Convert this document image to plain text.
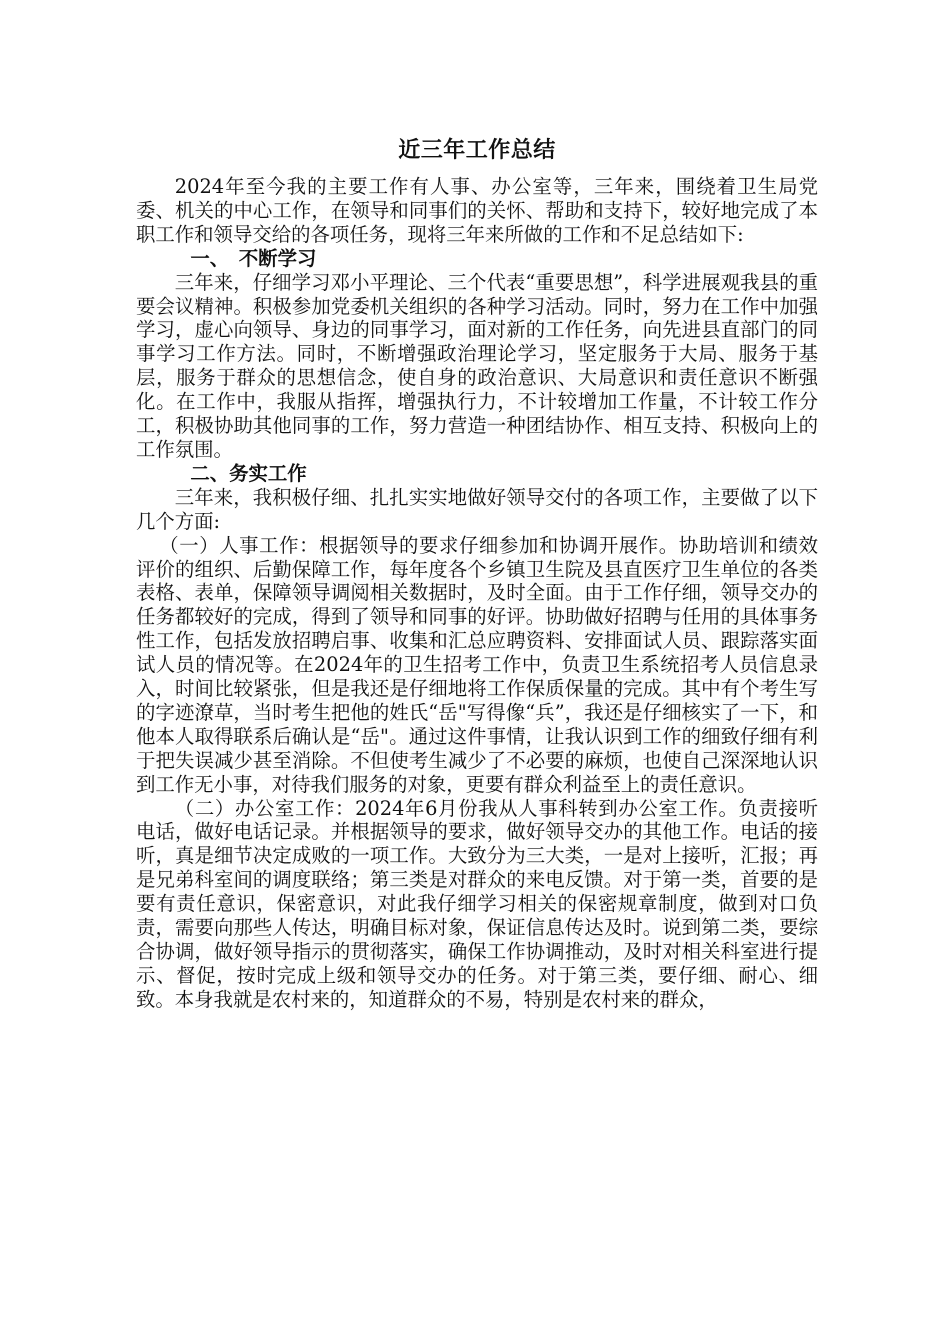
近三年工作总结

2024年至今我的主要工作有人事、办公室等，三年来，围绕着卫生局党委、机关的中心工作，在领导和同事们的关怀、帮助和支持下，较好地完成了本职工作和领导交给的各项任务，现将三年来所做的工作和不足总结如下:

一、　不断学习

三年来，仔细学习邓小平理论、三个代表“重要思想”，科学进展观我县的重要会议精神。积极参加党委机关组织的各种学习活动。同时，努力在工作中加强学习，虚心向领导、身边的同事学习，面对新的工作任务，向先进县直部门的同事学习工作方法。同时，不断增强政治理论学习，坚定服务于大局、服务于基层，服务于群众的思想信念，使自身的政治意识、大局意识和责任意识不断强化。在工作中，我服从指挥，增强执行力，不计较增加工作量，不计较工作分工，积极协助其他同事的工作，努力营造一种团结协作、相互支持、积极向上的工作氛围。

二、务实工作

三年来，我积极仔细、扎扎实实地做好领导交付的各项工作，主要做了以下几个方面:

（一）人事工作：根据领导的要求仔细参加和协调开展作。协助培训和绩效评价的组织、后勤保障工作，每年度各个乡镇卫生院及县直医疗卫生单位的各类表格、表单，保障领导调阅相关数据时，及时全面。由于工作仔细，领导交办的任务都较好的完成，得到了领导和同事的好评。协助做好招聘与任用的具体事务性工作，包括发放招聘启事、收集和汇总应聘资料、安排面试人员、跟踪落实面试人员的情况等。在2024年的卫生招考工作中，负责卫生系统招考人员信息录入，时间比较紧张，但是我还是仔细地将工作保质保量的完成。其中有个考生写的字迹潦草，当时考生把他的姓氏“岳"写得像“兵”，我还是仔细核实了一下，和他本人取得联系后确认是“岳"。通过这件事情，让我认识到工作的细致仔细有利于把失误减少甚至消除。不但使考生减少了不必要的麻烦，也使自己深深地认识到工作无小事，对待我们服务的对象，更要有群众利益至上的责任意识。

（二）办公室工作：2024年6月份我从人事科转到办公室工作。负责接听电话，做好电话记录。并根据领导的要求，做好领导交办的其他工作。电话的接听，真是细节决定成败的一项工作。大致分为三大类，一是对上接听，汇报；再是兄弟科室间的调度联络；第三类是对群众的来电反馈。对于第一类，首要的是要有责任意识，保密意识，对此我仔细学习相关的保密规章制度，做到对口负责，需要向那些人传达，明确目标对象，保证信息传达及时。说到第二类，要综合协调，做好领导指示的贯彻落实，确保工作协调推动，及时对相关科室进行提示、督促，按时完成上级和领导交办的任务。对于第三类，要仔细、耐心、细致。本身我就是农村来的，知道群众的不易，特别是农村来的群众，
